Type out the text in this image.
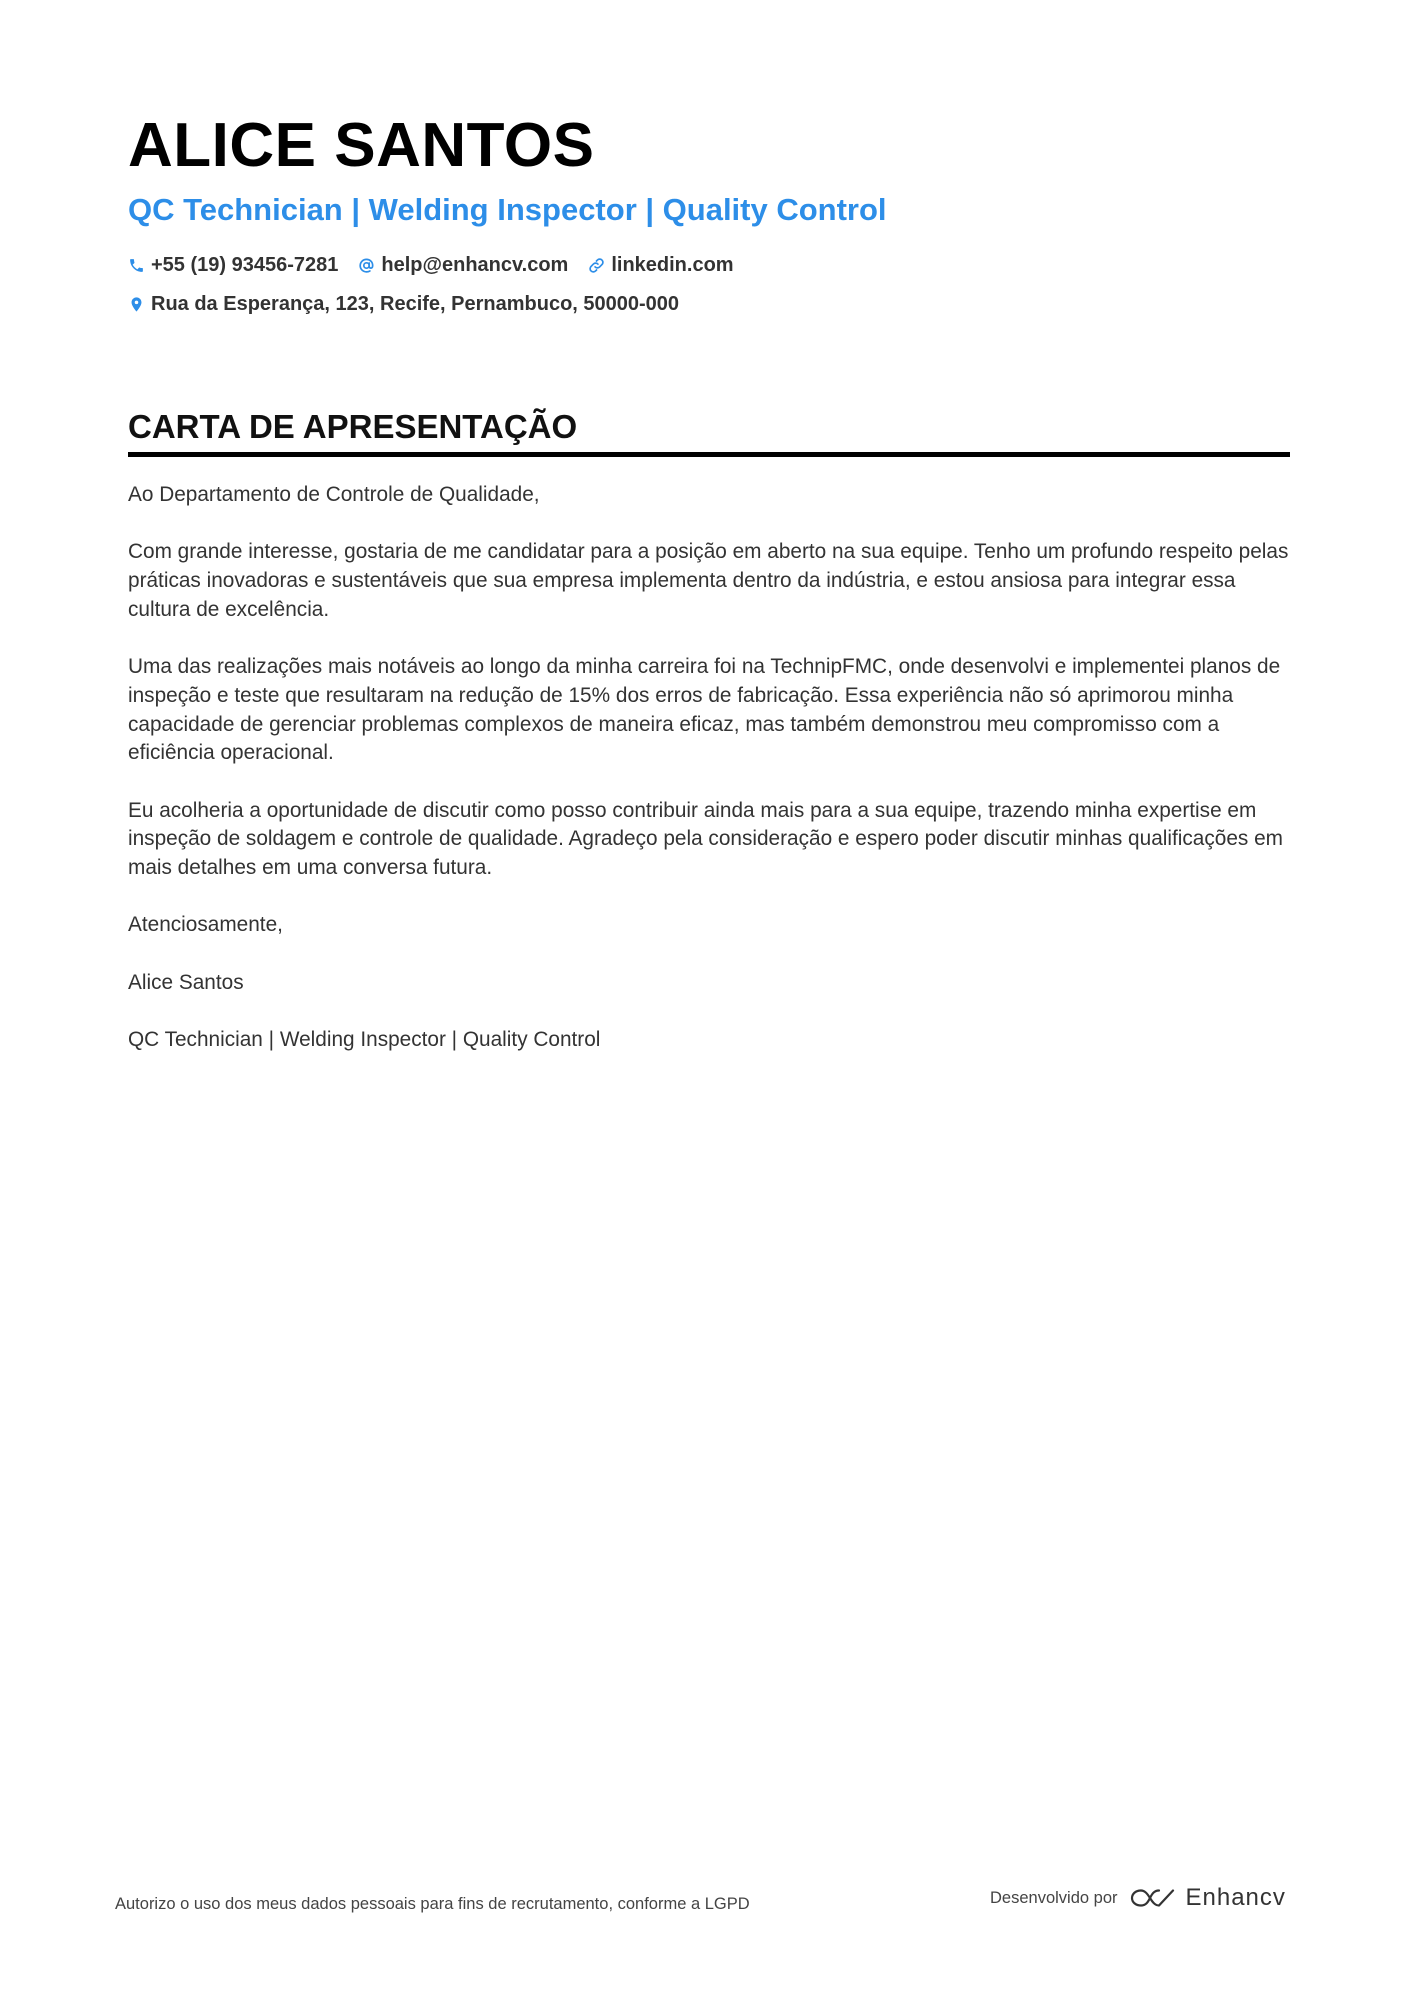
ALICE SANTOS
QC Technician | Welding Inspector | Quality Control
+55 (19) 93456-7281 help@enhancv.com linkedin.com
Rua da Esperança, 123, Recife, Pernambuco, 50000-000
CARTA DE APRESENTAÇÃO

Ao Departamento de Controle de Qualidade,

Com grande interesse, gostaria de me candidatar para a posição em aberto na sua equipe. Tenho um profundo respeito pelas práticas inovadoras e sustentáveis que sua empresa implementa dentro da indústria, e estou ansiosa para integrar essa cultura de excelência.

Uma das realizações mais notáveis ao longo da minha carreira foi na TechnipFMC, onde desenvolvi e implementei planos de inspeção e teste que resultaram na redução de 15% dos erros de fabricação. Essa experiência não só aprimorou minha capacidade de gerenciar problemas complexos de maneira eficaz, mas também demonstrou meu compromisso com a eficiência operacional.

Eu acolheria a oportunidade de discutir como posso contribuir ainda mais para a sua equipe, trazendo minha expertise em inspeção de soldagem e controle de qualidade. Agradeço pela consideração e espero poder discutir minhas qualificações em mais detalhes em uma conversa futura.

Atenciosamente,

Alice Santos

QC Technician | Welding Inspector | Quality Control

Autorizo o uso dos meus dados pessoais para fins de recrutamento, conforme a LGPD	Desenvolvido por	Enhancv
